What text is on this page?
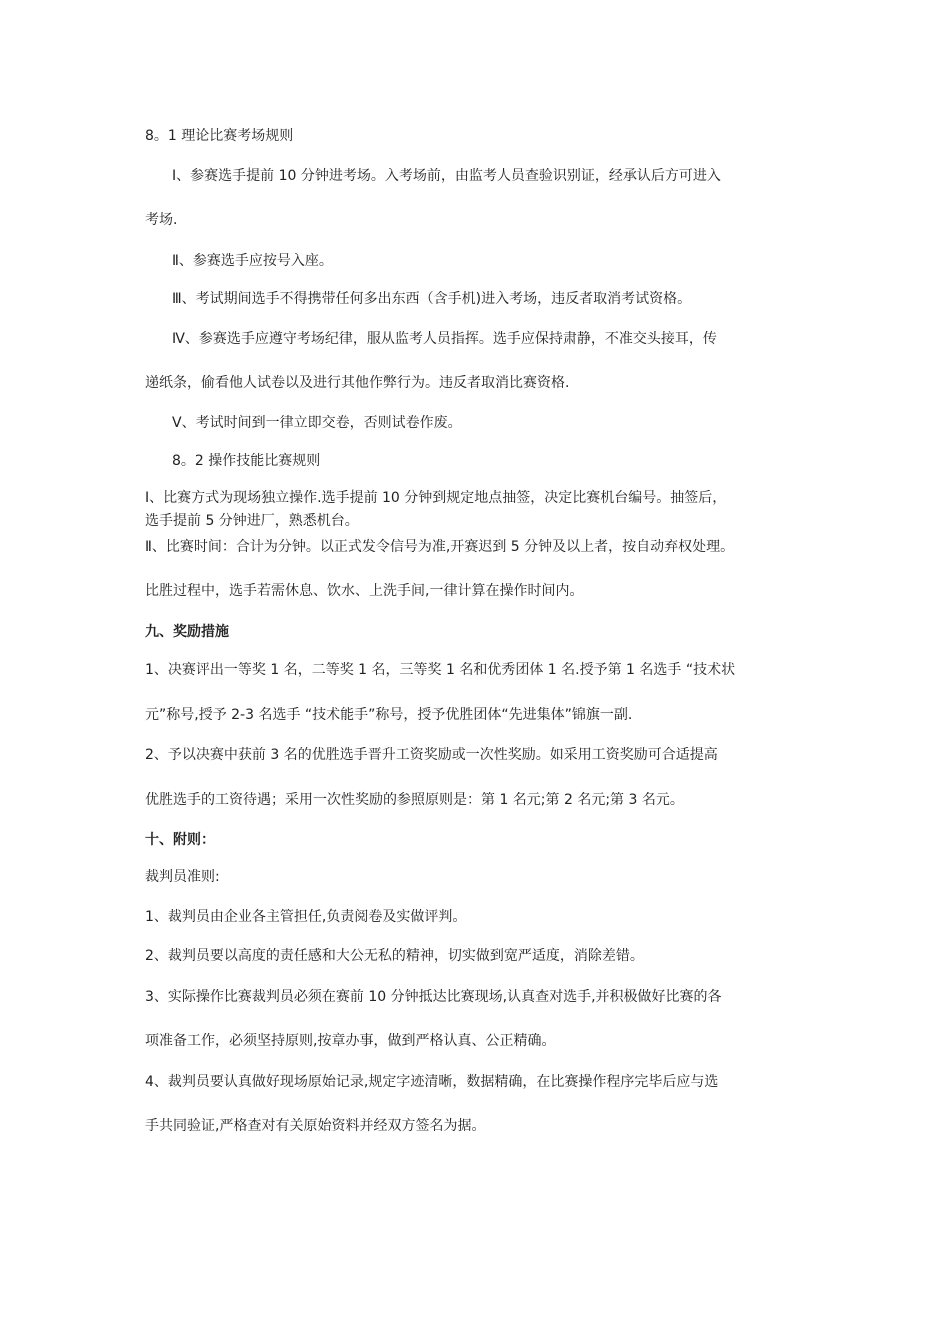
8。1 理论比赛考场规则
Ⅰ、参赛选手提前 10 分钟进考场。入考场前，由监考人员查验识别证，经承认后方可进入
考场.
Ⅱ、参赛选手应按号入座。
Ⅲ、考试期间选手不得携带任何多出东西（含手机)进入考场，违反者取消考试资格。
Ⅳ、参赛选手应遵守考场纪律，服从监考人员指挥。选手应保持肃静，不准交头接耳，传
递纸条，偷看他人试卷以及进行其他作弊行为。违反者取消比赛资格.
Ⅴ、考试时间到一律立即交卷，否则试卷作废。
8。2 操作技能比赛规则
Ⅰ、比赛方式为现场独立操作.选手提前 10 分钟到规定地点抽签，决定比赛机台编号。抽签后，
选手提前 5 分钟进厂，熟悉机台。
Ⅱ、比赛时间：合计为分钟。以正式发令信号为准,开赛迟到 5 分钟及以上者，按自动弃权处理。
比胜过程中，选手若需休息、饮水、上洗手间,一律计算在操作时间内。
九、奖励措施
1、决赛评出一等奖 1 名，二等奖 1 名，三等奖 1 名和优秀团体 1 名.授予第 1 名选手 “技术状
元”称号,授予 2-3 名选手 “技术能手”称号，授予优胜团体“先进集体”锦旗一副.
2、予以决赛中获前 3 名的优胜选手晋升工资奖励或一次性奖励。如采用工资奖励可合适提高
优胜选手的工资待遇；采用一次性奖励的参照原则是：第 1 名元;第 2 名元;第 3 名元。
十、附则：
裁判员准则:
1、裁判员由企业各主管担任,负责阅卷及实做评判。
2、裁判员要以高度的责任感和大公无私的精神，切实做到宽严适度，消除差错。
3、实际操作比赛裁判员必须在赛前 10 分钟抵达比赛现场,认真查对选手,并积极做好比赛的各
项准备工作，必须坚持原则,按章办事，做到严格认真、公正精确。
4、裁判员要认真做好现场原始记录,规定字迹清晰，数据精确，在比赛操作程序完毕后应与选
手共同验证,严格查对有关原始资料并经双方签名为据。
